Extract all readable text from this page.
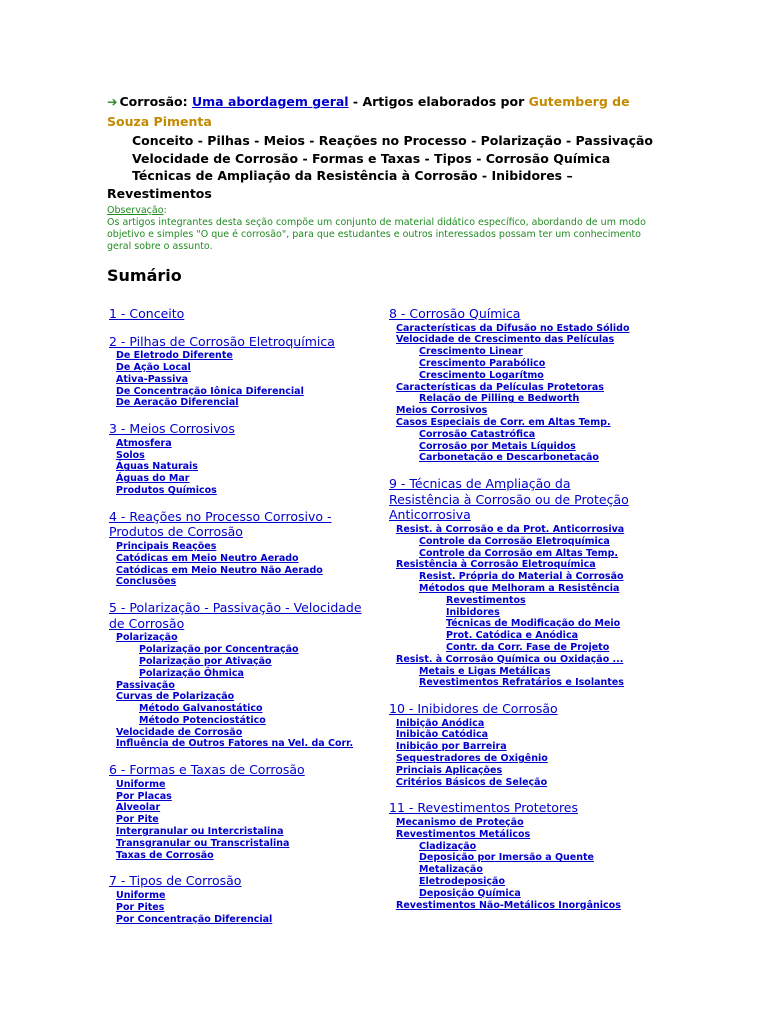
➔ Corrosão: Uma abordagem geral - Artigos elaborados por Gutemberg de Souza Pimenta
Conceito - Pilhas - Meios - Reações no Processo - Polarização - Passivação
Velocidade de Corrosão - Formas e Taxas - Tipos - Corrosão Química
Técnicas de Ampliação da Resistência à Corrosão - Inibidores –
Revestimentos
Observação:
Os artigos integrantes desta seção compõe um conjunto de material didático específico, abordando de um modo objetivo e simples "O que é corrosão", para que estudantes e outros interessados possam ter um conhecimento geral sobre o assunto.
Sumário
1 - Conceito
2 - Pilhas de Corrosão Eletroquímica
De Eletrodo Diferente
De Ação Local
Ativa-Passiva
De Concentração Iônica Diferencial
De Aeração Diferencial
3 - Meios Corrosivos
Atmosfera
Solos
Águas Naturais
Águas do Mar
Produtos Químicos
4 - Reações no Processo Corrosivo - Produtos de Corrosão
Principais Reações
Catódicas em Meio Neutro Aerado
Catódicas em Meio Neutro Não Aerado
Conclusões
5 - Polarização - Passivação - Velocidade de Corrosão
Polarização
Polarização por Concentração
Polarização por Ativação
Polarização Ôhmica
Passivação
Curvas de Polarização
Método Galvanostático
Método Potenciostático
Velocidade de Corrosão
Influência de Outros Fatores na Vel. da Corr.
6 - Formas e Taxas de Corrosão
Uniforme
Por Placas
Alveolar
Por Pite
Intergranular ou Intercristalina
Transgranular ou Transcristalina
Taxas de Corrosão
7 - Tipos de Corrosão
Uniforme
Por Pites
Por Concentração Diferencial
8 - Corrosão Química
Características da Difusão no Estado Sólido
Velocidade de Crescimento das Películas
Crescimento Linear
Crescimento Parabólico
Crescimento Logarítmo
Características da Películas Protetoras
Relação de Pilling e Bedworth
Meios Corrosivos
Casos Especiais de Corr. em Altas Temp.
Corrosão Catastrófica
Corrosão por Metais Líquidos
Carbonetação e Descarbonetação
9 - Técnicas de Ampliação da Resistência à Corrosão ou de Proteção Anticorrosiva
Resist. à Corrosão e da Prot. Anticorrosiva
Controle da Corrosão Eletroquímica
Controle da Corrosão em Altas Temp.
Resistência à Corrosão Eletroquímica
Resist. Própria do Material à Corrosão
Métodos que Melhoram a Resistência
Revestimentos
Inibidores
Técnicas de Modificação do Meio
Prot. Catódica e Anódica
Contr. da Corr. Fase de Projeto
Resist. à Corrosão Química ou Oxidação ...
Metais e Ligas Metálicas
Revestimentos Refratários e Isolantes
10 - Inibidores de Corrosão
Inibição Anódica
Inibição Catódica
Inibição por Barreira
Sequestradores de Oxigênio
Princiais Aplicações
Critérios Básicos de Seleção
11 - Revestimentos Protetores
Mecanismo de Proteção
Revestimentos Metálicos
Cladização
Deposição por Imersão a Quente
Metalização
Eletrodeposição
Deposição Química
Revestimentos Não-Metálicos Inorgânicos
